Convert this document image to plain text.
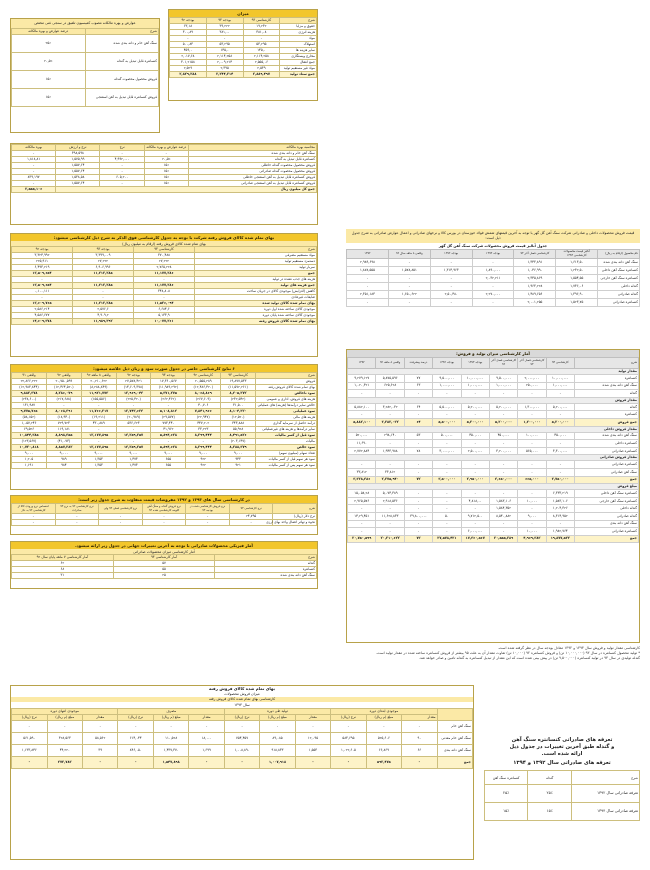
میزان
شرح	کارشناسی ۹۳	بودجه ۹۳	بودجه ۹۲
حقوق و مزایا	۱۹,۲۳۲	۳۹,۲۲۲	۶۳,۱۸
هزینه انرژی	۳۸۱,۰۸	۳۸۱,۰۰	۳۰۰,۸۹
مواد	-	-	-
استهلاک	۵۳,۲۹۵	۵۳,۲۹۵	۵۰۰,۸۳
سایر هزینه ها	۱۴۵,۰	۱۴۵,۰	۴۵۹,۰
مخارج ویستگاری	۲,۱۱۴,۲۵۸	۲,۱۱۴,۲۵۸	۲,۰۱۷,۶۸
جمع انتقال	۲,۵۵۵,۰۶	۲,۰۰۹,۲۱۴	۳۰۱,۲۱۵۸
مواد غیر مستقیم تولید	۲,۵۳۹	۲,۳۹۵	۲,۵۲۹
جمع ستاد تولید	۲,۸۸۹,۴۹۷	۲,۲۴۴,۲۱۴	۲,۸۲۹,۲۸۸
عوارض و بهره مالکانه مصوب کمیسیون تلفیق در سنجی غنی مختص
شرح	درصد عوارض و بهره مالکانه
سنگ آهن خام و دانه بندی شده	۲۵٪
کنسانتره قابل تبدیل به گندله	۲۰٫۵٪
فروش محصول محصوت گندله	۱۵٪
فروش کنسانتره قابل تبدیل به آهن اسفنجی	۱۵٪
محاسبه بهره مالکانه	درصد عوارض و بهره مالکانه	نرخ	نرخ و ارزش	بهره مالکانه
سنگ آهن خام و دانه بندی شده	-	-	۳۹۸,۵۹۸	-
کنسانتره قابل تبدیل به گندله	۲۰٫۵٪	۴,۹۹۲,۰۰۰	۱,۵۷۵,۹۹	۱,۸۱۸,۸۱
فروش محصول محصوت گندله خاطلی	۱۵٪	-	۱,۵۵۷,۶۴	-
فروش محصول محصوت گندله صادراتی	۱۵٪	-	۱,۵۵۷,۶۴	-
فروش کنسانتره قابل تبدیل به آهن اسفنجی خاطلی	۱۵٪	۶۰۵,۲۰۰	۱,۵۳۸,۵۸	۸۳۹,۱۹۷
فروش کنسانتره قابل تبدیل به آهن اسفنجی صادراتی	۱۵٪	-	۱,۵۵۷,۶۴	-
جمع کل میلیون ریال				۲,۵۵۵,۱۰۶
بهای تمام شده کالای فروش رفته شرکت با توجه به جدول کارشناسی فوق الذکر به شرح ذیل کارشناسی میشود:
بهای تمام شده کالای فروش رفته (ارقام به میلیون ریال)
شرح	کارشناسی ۹۳	بودجه ۹۳	بودجه ۹۲
مواد مستقیم مصرفی	۳۷۰,۴۸۸	۳,۳۹۹,۰۰۹	۳,۳۲۴,۹۹۲
دستمزد مستقیم تولید	۲۷,۲۲۲	۲۷,۲۲۲	۲۲۵,۹۱۱
سربار تولید	۲,۷۶۵,۲۲۸	۶,۹۰۶,۹۹۶	۶,۴۹۳,۲۱۹
جمع	۱۱,۱۷۷,۲۸۶	۱۱,۳۱۲,۲۸۵	۱۳,۵۰۹,۶۵۴
هزینه های جذب نشده در تولید	-	-	-
جمع هزینه های تولید	۱۱,۱۷۷,۲۸۶	۱۱,۳۱۲,۲۸۵	۱۳,۵۰۹,۶۵۴
کاهش (افزایش) موجودی کالای در جریان ساخت	۳۴۸,۸۰۸	-	۰,۱۰۰,۱۱۱
ضایعات غیرعادی	-	-	-
بهای تمام شده کالای تولید شده	۱۱,۵۲۶,۰۹۴	۱۱,۳۱۲,۲۸۵	۱۳,۶۰۹,۷۶۵
موجودی کالای ساخته شده اول دوره	۶,۶۸۴,۶	۲,۵۷۶,۶	۲,۵۸۶,۲۱۴
موجودی کالای ساخته شده پایان دوره	۵,۱۳۳,۹	۴,۹۰۹,۲	۴,۵۸۶,۶۷۷
بهای تمام شده کالای فروش رفته	۱۰,۰۷۷,۲۶۱	۱۱,۹۸۹,۲۹۲	۱۴,۶۰۹,۳۷۸
۶ نتایج کارشناسی حاضر در جدول صورت سود و زیان ذیل خلاصه میشود:
شرح	کارشناسی ۹۳	کارشناسی ۹۲	بودجه ۹۳	بودجه ۹۲	واقعی ۸ ماهه ۹۲	واقعی ۹۲	واقعی ۹۱
فروش	۱۹,۸۷۷,۵۳۳	۲۰,۵۵۵,۲۸۹	۱۷,۳۶۰,۵۶۷	۲۷,۵۷۸,۴۲۱	۲۰,۲۱۰,۶۲۲	۲۰,۷۵۰,۵۹۹	۲۲,۸۶۶,۲۲۲
بهای تمام شده کالای فروش رفته	(۱۱,۵۷۲,۲۶۱)	(۱۲,۴۸۶,۴۲۰)	(۱۱,۹۸۹,۲۹۲)	(۱۴,۶۰۹,۳۷۸)	(۸,۲۸۸,۸۴۹)	(۱۲,۴۶۴,۵۲۰)	(۱۲,۹۸۳,۸۴۴)
سود ناخالص	۸,۳۰۵,۲۷۲	۸,۰۶۸,۸۶۹	۵,۳۷۱,۲۷۵	۱۲,۹۶۹,۰۴۳	۱۱,۹۲۱,۷۷۳	۸,۲۸۶,۰۷۹	۹,۸۸۲,۳۷۸
هزینه های فروش، اداری و عمومی	(۲۳۲,۵۴۲)	(۲۶۷,۶۰۹)	(۲۶۲,۴۶۲)	(۲۲۵,۴۲۰)	(۱۵۵,۵۵۶)	(۲۱۷,۶۸۸)	(۲۳۸,۶۰۰)
خالص سایر درآمدها (هزینه) های عملیاتی	۳۱,۵۰۰	۴۰,۷۰۶	-	-	-	-	۱۳۱,۹۸۷
سود عملیاتی	۸,۱۰۴,۲۳۰	۷,۸۴۱,۹۶۶	۵,۱۰۸,۸۱۳	۱۲,۷۴۳,۶۲۳	۱۱,۷۶۶,۲۱۷	۸,۰۶۸,۳۹۱	۹,۷۷۵,۷۶۵
هزینه های مالی	(۱۲,۵۲۰)	(۲۲,۹۴۷)	(۲۹,۵۷۷)	(۲۰,۹۸۹)	(۱۹,۲۱۱)	(۱۸,۹۴۰)	(۵۸,۱۵۲)
درآمد حاصل از سرمایه گذاری	۳۴۳,۸۸۸	۴۴۷,۲۰۲	۷۷۳,۴۴۰	۵۳۶,۶۲۳	۴۳۰,۸۸۹	۷۲۹,۷۲۳	۱,۰۵۷,۲۴۶
سایر درآمدها و هزینه های غیرعملیاتی	۵۵,۹۲۸	۳۳,۲۲۳	۴۱,۹۶۲	-	-	۱۱۹,۱۸۱	۶۹,۵۲۶
سود قبل از کسر مالیات	۸,۴۹۱,۵۲۶	۸,۲۹۹,۴۴۴	۵,۸۹۴,۶۳۸	۱۳,۲۵۹,۲۵۷	۱۲,۱۷۷,۸۹۵	۸,۸۹۸,۳۵۵	۱۰,۸۴۴,۳۸۵
مالیات	(۲۰۳,۱۴۷)	-	-	-	-	(۴۱,۰۷۳)	(۱۲۳,۵۶۷)
سود خالص	۸,۲۸۸,۳۷۹	۸,۲۹۹,۴۴۴	۵,۸۹۴,۶۳۸	۱۳,۲۵۹,۲۵۷	۱۲,۱۷۷,۸۹۵	۸,۸۵۷,۲۸۲	۱۰,۷۲۰,۸۱۸
تعداد سهام (میلیون سهم)	۹,۰۰۰	۹,۰۰۰	۹,۰۰۰	۹,۰۰۰	۹,۰۰۰	۹,۰۰۰	۹,۰۰۰
سود هر سهم قبل از کسر مالیات	۹۴۳	۹۲۲	۶۵۵	۱,۴۷۳	۱,۳۵۳	۹۸۹	۱,۲۰۵
سود هر سهم پس از کسر مالیات	۹۲۱	۹۲۲	۶۵۵	۱,۴۷۳	۱,۳۵۳	۹۸۴	۱,۱۹۱
در کارشناسی سال های ۱۳۹۳ و ۱۳۹۲ مفروضات قیمت متفاوت به شرح جدول زیر است:
شرح	نرخ کارشناسی ۹۳	نرخ فروش کارشناسی شده در بودجه ۹۳	نرخ فروش گندله و سنگ آهن کلوخه کارشناسی شده ۹۳	نرخ کارشناسی فعلی ۹۳ ولی	نرخ کارشناسی ۹۲ به نرخ ۹۳ صادرات	اختصاص نرخ ورودی کالا از کارشناسی ۹۲ به دلار
نرخ دلار (ریال)	۲۴,۷۹۵	-	-	-	-	-
نحوه و تهاتر اتصال واحد بهای ارزی	-	-	-	-	-	-
آمار فیزیکی محصولات صادراتی با توجه به آخرین تغییرات جهانی در جدول زیر ارائه میشود.
آمار کارشناسی میزان محصولات صادراتی
شرح	آمار کارشناسی ۹۳	آمار کارشناسی ۷ ماهه پایان سال ۹۲
گندله	۵۷	۶۲
کنسانتره	۵۵	۶۸
سنگ آهن دانه بندی شده	۲۵	۳۱
قیمت فروش محصولات داخلی و صادراتی شرکت سنگ آهن گل گهر با توجه به آخرین قیمتهای شمش فولاد خوزستان در بورس کالا و نرخهای صادراتی و اعمال عوارض صادراتی به شرح جدول ذیل است:
جدول آنالیز قیمت فروش محصولات شرکت سنگ آهن گل گهر
نام محصول (ارقام به ریال)	آنالیز قیمت محصولات کارشناسی ۱۳۹۳	کارشناسی فصل آخر ۹۳	بودجه ۱۳۹۳	بودجه ۱۳۹۲	واقعی ۸ ماهه سال ۹۲	۱۳۹۲
سنگ آهن دانه بندی شده	۱,۶۱۳,۵۰	۱,۳۴۳,۸۹۱	-	-	-	۲,۹۸۹,۶۹۸
کنسانتره سنگ آهن داخلی	۱,۲۳۲,۵۰	۱,۰۴۶,۹۹۰	۱,۸۹۰,۰۰۰	۱,۳۱۴,۹۶۳	۱,۵۷۸,۸۵۱	۱,۸۷۸,۵۵۵
کنسانتره سنگ آهن خارجی	۱,۵۵۴,۵۵	۲,۳۴۵,۸۶۹	۲,۰۳۲,۲۱۱	-	-	-
گندله داخلی	۱,۷۳۶,۰۶	۱,۹۶۳,۲۲۸	-	-	-	-
گندله صادراتی	۱,۳۹۶,۹۰	۱,۴۸۹,۶۵۶	۲,۲۷۰,۰۰۰	۲,۵۰,۴۸۰	۱,۶۵۰,۶۲۲	۲,۳۵۱,۱۸۳
کنسانتره صادراتی	۱,۵۲۳,۷۵	۲,۰۰۱,۲۵۵	-	-	-	-
آمار کارشناسی میزان تولید و فروش:
شرح	کارشناسی ۹۳	کارشناسی فصل آخر ۹۳	کارشناسی فصل آخر ۹۲	بودجه ۱۳۹۳	بودجه ۱۳۹۲	درصد پیشرفت	واقعی ۸ ماهه ۹۲	۱۳۹۲
مقدار تولید								
کنسانتره	۱۰,۰۰۰,۰۰۰	۲,۰۰۰,۰۰۰	۹,۵۰۰,۰۰۰	۱۰,۰۰۰,۰۰۰	۹,۵۰۰,۰۰۰	۷۷	۵,۸۷۵,۵۹۶	۹,۲۷۹,۱۲۷
سنگ آهن دانه بندی شده	۱,۰۰۰,۰۰۰	۲۵۰,۰۰۰	۱,۰۰۰,۰۰۰	۱,۰۰۰,۰۰۰	۱,۰۰۰,۰۰۰	۶۳	۶۲۵,۶۲۸	۱,۰۲۰,۳۲۱
گندله	-	-	-	-	-	-	-	-
مقدار فروش								
گندله	۵,۲۰۰,۰۰۰	۱,۳۰۰,۰۰۰	۵,۲۰۰,۰۰۰	۵,۲۰۰,۰۰۰	۵,۵۰۰,۰۰۰	۶۴	۳,۲۸۲,۰۳۲	۵,۸۸۲,۱۰۰
کنسانتره	-	-	-	-	-	-	-	-
جمع فروش	۵,۲۰۰,۰۰۰	۱,۳۰۰,۰۰۰	۵,۲۰۰,۰۰۰	۵,۲۰۰,۰۰۰	۵,۵۰۰,۰۰۰	۶۴	۳,۲۸۲,۰۳۲	۵,۸۸۲,۱۰۰
مقدار فروش داخلی								
سنگ آهن دانه بندی شده	۴۵۰,۰۰۰	۱۰۰,۰۰۰	۴۵۰,۰۰۰	۴۵۰,۰۰۰	۵۰۰,۰۰۰	۵۳	۲۹۸,۱۴۰	۵۲۰,۰۰۰
کنسانتره داخلی	-	-	-	-	-	-	-	۱۱,۶۹۰
کنسانتره صادراتی	۳,۳۰۰,۰۰۰	۵۶۵,۰۰۰	۳,۲۰۰,۰۰۰	۲,۵۰۰,۰۰۰	۳,۰۰۰,۰۰۰	۷۸	۱,۹۴۳,۹۸۸	۲,۷۷۲,۸۸۴
مقدار فروش صادراتی								
کنسانتره صادراتی	-	-	-	-	-	-	-	-
سنگ آهن صادراتی	-	-	-	-	-	-	۳۳,۸۱۲	۳۳,۸۱۲
جمع	۳,۷۵۰,۰۰۰	۶۶۵,۰۰۰	۳,۶۵۰,۰۰۰	۲,۹۵۰,۰۰۰	۳,۵۰۰,۰۰۰	۷۲	۲,۲۷۵,۹۴۰	۳,۳۳۸,۳۸۶
مبلغ فروش								
کنسانتره سنگ آهن داخلی	۶,۳۳۳,۲۱۹	-	-	-	-	-	۵,۰۷۴,۳۸۹	۱۵,۰۵۸,۲۸
کنسانتره سنگ آهن خارجی	۱,۵۸۳,۱۰۶	۱۰,۰۰۰	۱,۵۸۳,۱۰۶	۴,۸۱۸,۰۰	-	-	۲,۹۱۸,۵۳۶	۲,۹۶۵,۵۷۶
گندله داخلی	۱,۲۰۴,۳۲۶	-	۱,۵۸۴,۳۵۲	-	-	-	-	-
گندله صادراتی	۸,۳۱۴,۹۵۲	۹,۰۰۰	۸,۵۴۰,۸۸۲	۹,۷۱۲,۵۰۰	۵۰	۳۹,۸۰۰,۰۰۰	۱۱,۶۲۸,۸۳۳	۱۴,۲۹,۴۵۱
سنگ آهن دانه بندی	-	-	-	-	-	-	-	-
کنسانتره صادراتی	۱,۹۸۲,۷۶۴	۱۰,۰۰۰	-	۶,۰۰۰,۰۰۰	-	-	-	-
جمع	۱۹,۸۷۷,۵۳۳	۴,۹۶۹,۳۸۳	۲۰,۵۵۵,۲۸۹	۱۷,۳۶۰,۵۶۷	۲۷,۵۷۸,۴۲۱	۷۳	۲۰,۲۱۰,۶۲۲	۲۰,۷۵۰,۵۹۹
کارشناسی مقدار تولید و فروش سال ۱۳۹۳ و ۱۳۹۲ معادل بودجه سال در نظر گرفته شده است.
* تولید محصول کنسانتره در سال ۹۳ (۱۰,۰۰۰,۰۰۰ تن) و فروش کنسانتره ۹۲ (۱۰,۰۰۰ تن) تفاوت مقدار آن به علت ۹۵ بیشتر از فروش کنسانتره ساخته شده در مقدار تولید است.
گندله تولیدی در سال ۹۳ در تولید کنسانتره (۹,۵۰۰,۰۰۰ تن) در پیش بینی شده است که این مقدار از تبدیل کنسانتره به گندله تامین و صادر خواهد شد.
بهای تمام شده کالای فروش رفته
میزان فروش محصولات
کارشناسی بهای تمام شده کالای فروش رفته
سال ۱۳۹۳
	موجودی ابتدای دوره			تولید طی دوره			مصرف			موجودی انتهای دوره		
	مقدار	مبلغ (م ریال)	نرخ (ریال)	مقدار	مبلغ (م ریال)	نرخ (ریال)	مقدار	مبلغ (م ریال)	نرخ (ریال)	مقدار	مبلغ (م ریال)	نرخ (ریال)
سنگ آهن خام	-	-	-	-	-	-	-	-	-	-	-	-
سنگ آهن خام معدنی	۹۰	۵۲۵,۶۰۶	۵۸۳,۶۹۵	۱۲,۰۹۵	۸۹,۰۸۵	۷۵۴,۴۵۷	۱۸,۰۰۰	۱۱۰,۵۲۸	۶۱۴,۰۴۴	۵۸,۵۶۲	۳۲۸,۵۶۳	۵۶۱,۵۹۰
سنگ آهن دانه بندی	۶۶	۶۶,۸۶۹	۱,۰۲۲,۶۰۵	۱,۵۵۳	۹۱۸,۸۳۳	۱,۰۰۸,۸۹۰	۱,۶۹۹	۱,۴۳۷,۳۷۰	۸۴۶,۰۵۰	۳۹	۴۴,۲۲۰	۱,۱۳۳,۸۴۶
جمع	-	۵۹۲,۴۷۵	-	-	۱,۰۰۷,۹۱۸	-	-	۱,۵۴۷,۸۹۸	-	-	۳۷۲,۷۸۳	-
تعرفه های صادراتی کنسانتره سنگ آهن
و گندله طبق آخرین تغییرات در جدول ذیل
ارائه شده است.
تعرفه های صادراتی سال ۱۳۹۲ و ۱۳۹۴
شرح	گندله	کنسانتره سنگ آهن
تعرفه صادراتی سال ۱۳۹۲	۲۵٪	۲۵٪
تعرفه صادراتی سال ۱۳۹۴	۱۵٪	۱۵٪
